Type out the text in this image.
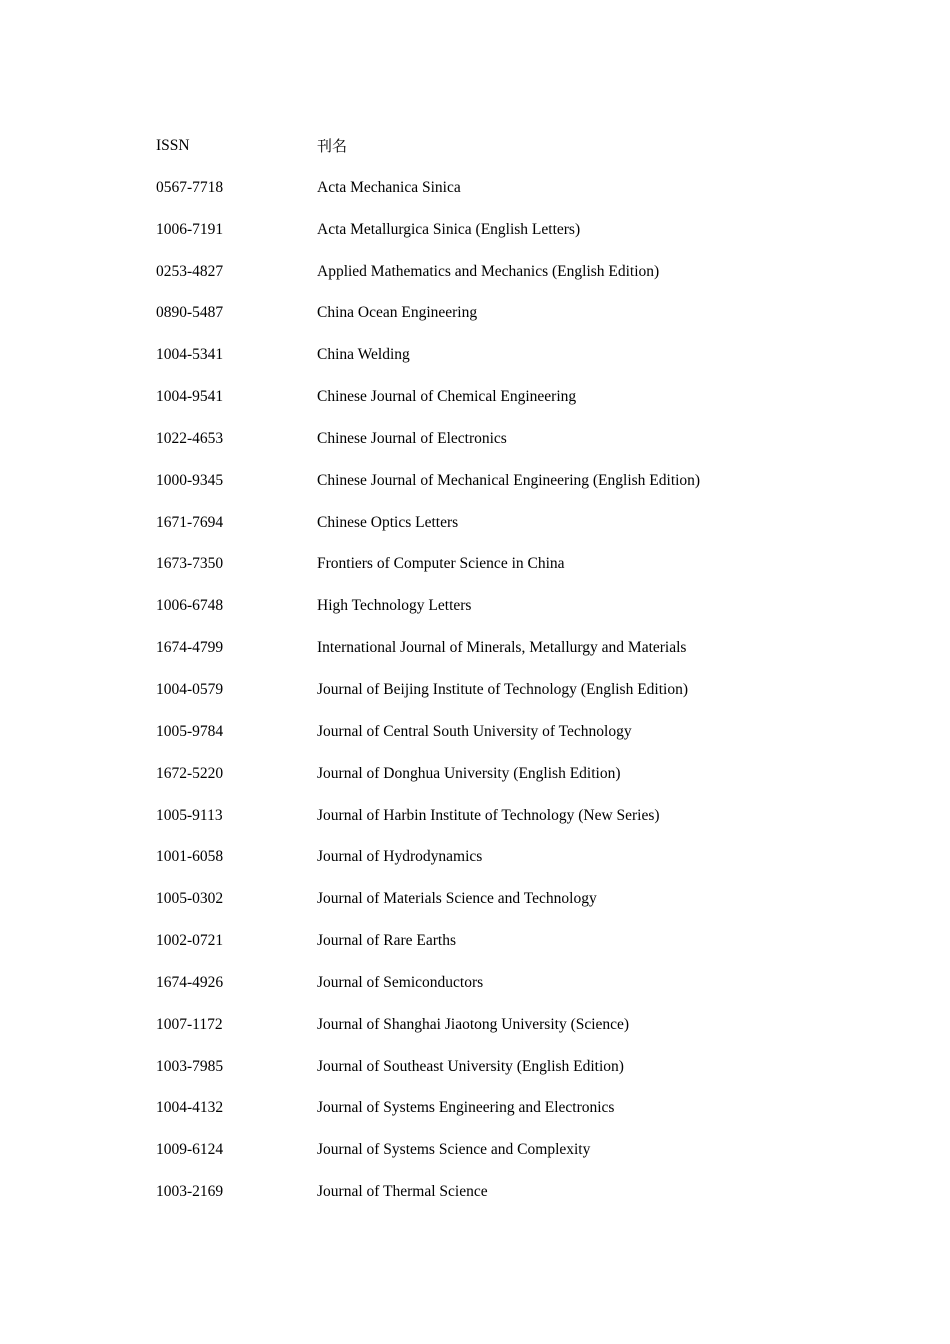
ISSN	刊名
0567-7718	Acta Mechanica Sinica
1006-7191	Acta Metallurgica Sinica (English Letters)
0253-4827	Applied Mathematics and Mechanics (English Edition)
0890-5487	China Ocean Engineering
1004-5341	China Welding
1004-9541	Chinese Journal of Chemical Engineering
1022-4653	Chinese Journal of Electronics
1000-9345	Chinese Journal of Mechanical Engineering (English Edition)
1671-7694	Chinese Optics Letters
1673-7350	Frontiers of Computer Science in China
1006-6748	High Technology Letters
1674-4799	International Journal of Minerals, Metallurgy and Materials
1004-0579	Journal of Beijing Institute of Technology (English Edition)
1005-9784	Journal of Central South University of Technology
1672-5220	Journal of Donghua University (English Edition)
1005-9113	Journal of Harbin Institute of Technology (New Series)
1001-6058	Journal of Hydrodynamics
1005-0302	Journal of Materials Science and Technology
1002-0721	Journal of Rare Earths
1674-4926	Journal of Semiconductors
1007-1172	Journal of Shanghai Jiaotong University (Science)
1003-7985	Journal of Southeast University (English Edition)
1004-4132	Journal of Systems Engineering and Electronics
1009-6124	Journal of Systems Science and Complexity
1003-2169	Journal of Thermal Science
